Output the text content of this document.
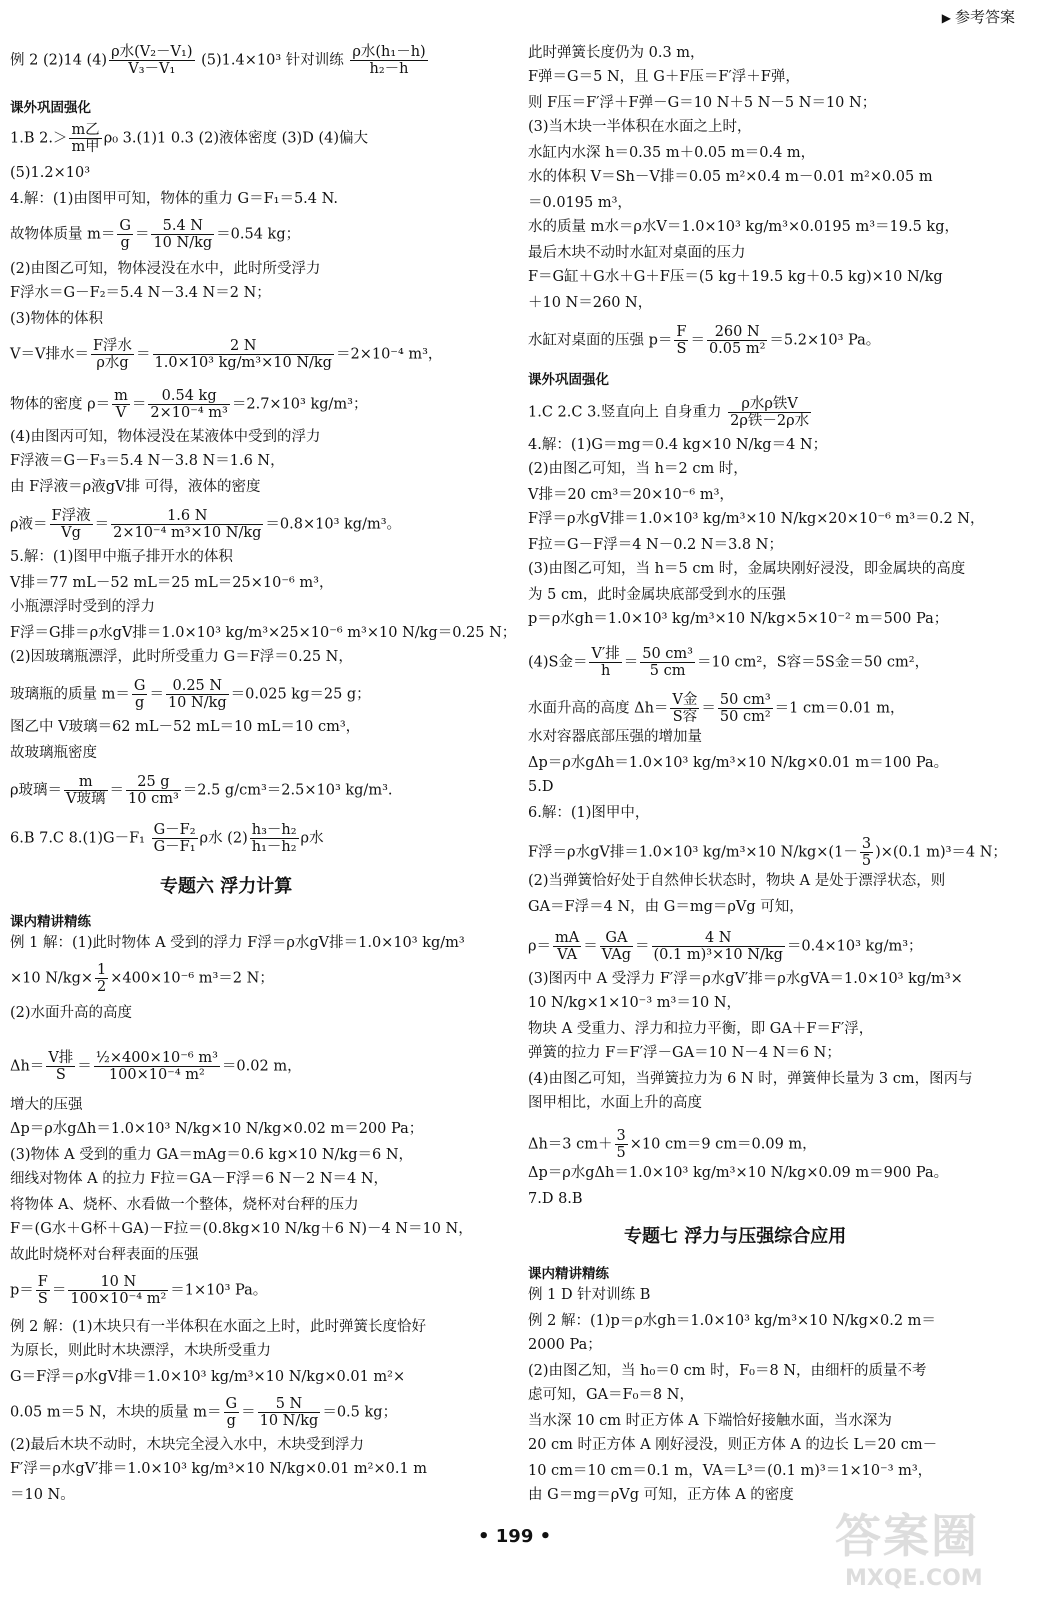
▶ 参考答案
例 2 (2)14 $(4) \frac{\text{ρ水(V₂－V₁)}}{\text{V₃－V₁}} (5)1.4\times 10^3$ 针对训练 $\frac{\text{ρ水(h₁－h)}}{\text{h₂－h}}$
课外巩固强化
1.B $2.> \frac{\text{m乙}}{\text{m甲}} \rho_0$ 3.(1)1 0.3 (2)液体密度 (3)D (4)偏大
(5)1.2×10³
4.解：(1)由图甲可知，物体的重力 G＝F₁＝5.4 N.
故物体质量 $m= \frac{G}{g} = \frac{5.4 N}{10 N/kg} =0.54$ kg；
(2)由图乙可知，物体浸没在水中，此时所受浮力
F浮水＝G－F₂＝5.4 N－3.4 N＝2 N；
(3)物体的体积
V＝V排水＝ $\frac{\text{F浮水}}{\text{ρ水g}} = \frac{2 N}{\text{1.0×10³ kg/m³×10 N/kg}} =2\times 10^{-4}$ m³，
物体的密度 $\rho= \frac{m}{V} = \frac{0.54 kg}{\text{2×10⁻⁴ m³}} =2.7\times 10^3$ kg/m³；
(4)由图丙可知，物体浸没在某液体中受到的浮力
F浮液＝G－F₃＝5.4 N－3.8 N＝1.6 N，
由 F浮液＝ρ液gV排 可得，液体的密度
ρ液＝ $\frac{\text{F浮液}}{Vg} = \frac{1.6 N}{\text{2×10⁻⁴ m³×10 N/kg}} =0.8\times 10^3$ kg/m³。
5.解：(1)图甲中瓶子排开水的体积
V排＝77 mL－52 mL＝25 mL＝25×10⁻⁶ m³，
小瓶漂浮时受到的浮力
F浮＝G排＝ρ水gV排＝1.0×10³ kg/m³×25×10⁻⁶ m³×10 N/kg＝0.25 N；
(2)因玻璃瓶漂浮，此时所受重力 G＝F浮＝0.25 N，
玻璃瓶的质量 $m= \frac{G}{g} = \frac{0.25 N}{10 N/kg} =0.025$ kg＝25 g；
图乙中 V玻璃＝62 mL－52 mL＝10 mL＝10 cm³，
故玻璃瓶密度
ρ玻璃＝ $\frac{m}{\text{V玻璃}} = \frac{25 g}{\text{10 cm³}} =2.5$ g/cm³＝2.5×10³ kg/m³.
6.B 7.C $8.(1)G-F_1 \frac{\text{G－F₂}}{\text{G－F₁}}$ ρ水 $(2) \frac{\text{h₃－h₂}}{\text{h₁－h₂}}$ ρ水
专题六 浮力计算
课内精讲精练
例 1 解：(1)此时物体 A 受到的浮力 F浮＝ρ水gV排＝1.0×10³ kg/m³
×10 $N/kg\times \frac{1}{2} \times 400\times 10^{-6}$ m³＝2 N；
(2)水面升高的高度
$\Delta h= \frac{\text{V排}}{S} = \frac{\text{½×400×10⁻⁶ m³}}{\text{100×10⁻⁴ m²}} =0.02$ m，
增大的压强
Δp＝ρ水gΔh＝1.0×10³ N/kg×10 N/kg×0.02 m＝200 Pa；
(3)物体 A 受到的重力 GA＝mAg＝0.6 kg×10 N/kg＝6 N，
细线对物体 A 的拉力 F拉＝GA－F浮＝6 N－2 N＝4 N，
将物体 A、烧杯、水看做一个整体，烧杯对台秤的压力
F＝(G水＋G杯＋GA)－F拉＝(0.8kg×10 N/kg＋6 N)－4 N＝10 N，
故此时烧杯对台秤表面的压强
$p= \frac{F}{S} = \frac{10 N}{\text{100×10⁻⁴ m²}} =1\times 10^3$ Pa。
例 2 解：(1)木块只有一半体积在水面之上时，此时弹簧长度恰好
为原长，则此时木块漂浮，木块所受重力
G＝F浮＝ρ水gV排＝1.0×10³ kg/m³×10 N/kg×0.01 m²×
0.05 m＝5 N，木块的质量 $m= \frac{G}{g} = \frac{5 N}{10 N/kg} =0.5$ kg；
(2)最后木块不动时，木块完全浸入水中，木块受到浮力
F′浮＝ρ水gV′排＝1.0×10³ kg/m³×10 N/kg×0.01 m²×0.1 m
＝10 N。
此时弹簧长度仍为 0.3 m，
F弹＝G＝5 N，且 G＋F压＝F′浮＋F弹，
则 F压＝F′浮＋F弹－G＝10 N＋5 N－5 N＝10 N；
(3)当木块一半体积在水面之上时，
水缸内水深 h＝0.35 m＋0.05 m＝0.4 m，
水的体积 V＝Sh－V排＝0.05 m²×0.4 m－0.01 m²×0.05 m
＝0.0195 m³，
水的质量 m水＝ρ水V＝1.0×10³ kg/m³×0.0195 m³＝19.5 kg，
最后木块不动时水缸对桌面的压力
F＝G缸＋G水＋G＋F压＝(5 kg＋19.5 kg＋0.5 kg)×10 N/kg
＋10 N＝260 N，
水缸对桌面的压强 $p= \frac{F}{S} = \frac{260 N}{\text{0.05 m²}} =5.2\times 10^3$ Pa。
课外巩固强化
1.C 2.C 3.竖直向上 自身重力 $\frac{\text{ρ水ρ铁V}}{\text{2ρ铁－2ρ水}}$
4.解：(1)G＝mg＝0.4 kg×10 N/kg＝4 N；
(2)由图乙可知，当 h＝2 cm 时，
V排＝20 cm³＝20×10⁻⁶ m³，
F浮＝ρ水gV排＝1.0×10³ kg/m³×10 N/kg×20×10⁻⁶ m³＝0.2 N，
F拉＝G－F浮＝4 N－0.2 N＝3.8 N；
(3)由图乙可知，当 h＝5 cm 时，金属块刚好浸没，即金属块的高度
为 5 cm，此时金属块底部受到水的压强
p＝ρ水gh＝1.0×10³ kg/m³×10 N/kg×5×10⁻² m＝500 Pa；
(4)S金＝ $\frac{\text{V′排}}{h} = \frac{\text{50 cm³}}{5 cm} =10$ cm²，S容＝5S金＝50 cm²，
水面升高的高度 $\Delta h= \frac{\text{V金}}{\text{S容}} = \frac{\text{50 cm³}}{\text{50 cm²}} =1$ cm＝0.01 m，
水对容器底部压强的增加量
Δp＝ρ水gΔh＝1.0×10³ kg/m³×10 N/kg×0.01 m＝100 Pa。
5.D
6.解：(1)图甲中，
F浮＝ρ水gV排＝1.0×10³ kg/m³×10 $N/kg\times(1- \frac{3}{5} )\times(0.1$ m)³＝4 N；
(2)当弹簧恰好处于自然伸长状态时，物块 A 是处于漂浮状态，则
GA＝F浮＝4 N，由 G＝mg＝ρVg 可知，
$\rho= \frac{mA}{VA} = \frac{GA}{\text{VAg}} = \frac{4 N}{\text{(0.1 m)³×10 N/kg}} =0.4\times 10^3$ kg/m³；
(3)图丙中 A 受浮力 F′浮＝ρ水gV′排＝ρ水gVA＝1.0×10³ kg/m³×
10 N/kg×1×10⁻³ m³＝10 N，
物块 A 受重力、浮力和拉力平衡，即 GA＋F＝F′浮，
弹簧的拉力 F＝F′浮－GA＝10 N－4 N＝6 N；
(4)由图乙可知，当弹簧拉力为 6 N 时，弹簧伸长量为 3 cm，图丙与
图甲相比，水面上升的高度
Δh＝3 $cm+ \frac{3}{5} \times 10$ cm＝9 cm＝0.09 m，
Δp＝ρ水gΔh＝1.0×10³ kg/m³×10 N/kg×0.09 m＝900 Pa。
7.D 8.B
专题七 浮力与压强综合应用
课内精讲精练
例 1 D 针对训练 B
例 2 解：(1)p＝ρ水gh＝1.0×10³ kg/m³×10 N/kg×0.2 m＝
2000 Pa；
(2)由图乙知，当 h₀＝0 cm 时，F₀＝8 N，由细杆的质量不考
虑可知，GA＝F₀＝8 N，
当水深 10 cm 时正方体 A 下端恰好接触水面，当水深为
20 cm 时正方体 A 刚好浸没，则正方体 A 的边长 L＝20 cm－
10 cm＝10 cm＝0.1 m，VA＝L³＝(0.1 m)³＝1×10⁻³ m³，
由 G＝mg＝ρVg 可知，正方体 A 的密度
• 199 •	答案圈
MXQE.COM
